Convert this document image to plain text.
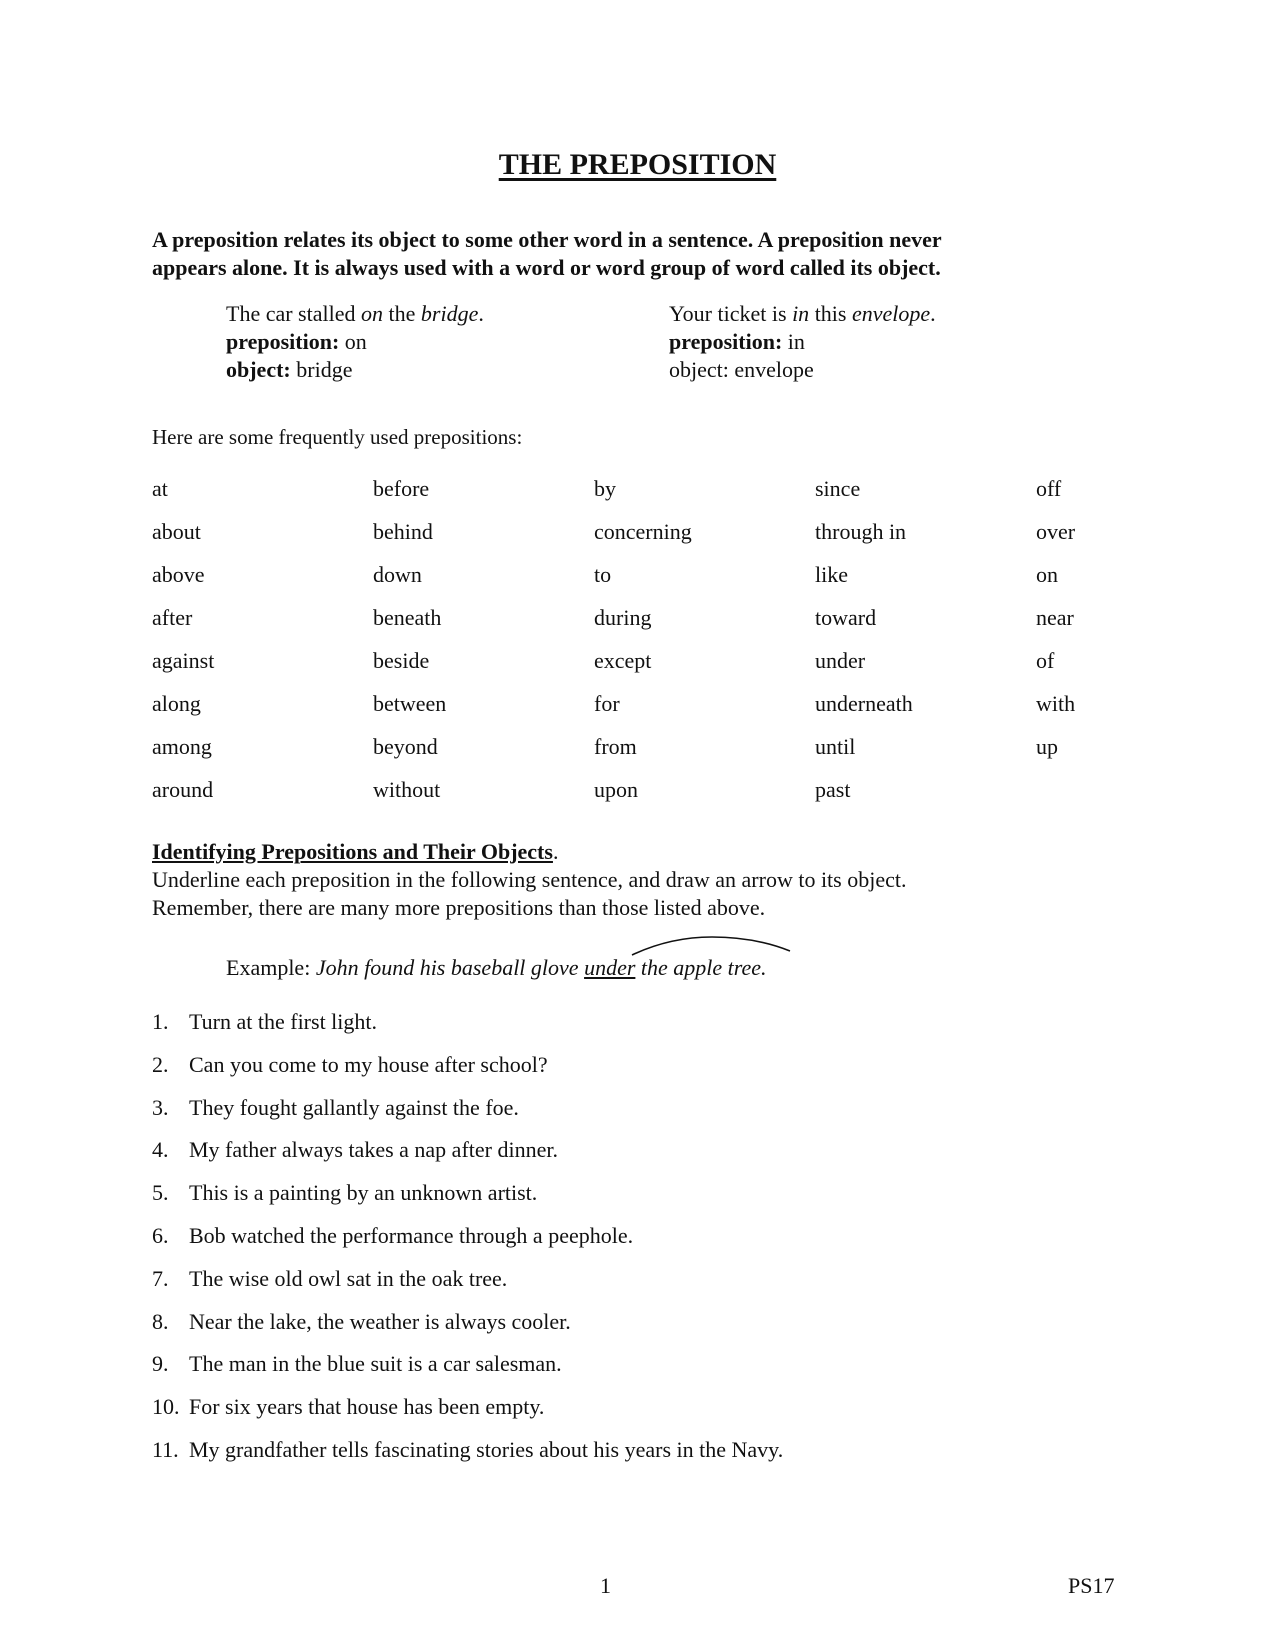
THE PREPOSITION
A preposition relates its object to some other word in a sentence. A preposition never
appears alone. It is always used with a word or word group of word called its object.
The car stalled on the bridge.
preposition: on
object: bridge
Your ticket is in this envelope.
preposition: in
object: envelope
Here are some frequently used prepositions:
at
about
above
after
against
along
among
around
before
behind
down
beneath
beside
between
beyond
without
by
concerning
to
during
except
for
from
upon
since
through in
like
toward
under
underneath
until
past
off
over
on
near
of
with
up
Identifying Prepositions and Their Objects.
Underline each preposition in the following sentence, and draw an arrow to its object.
Remember, there are many more prepositions than those listed above.
Example: John found his baseball glove under the apple tree.
1. Turn at the first light.
2. Can you come to my house after school?
3. They fought gallantly against the foe.
4. My father always takes a nap after dinner.
5. This is a painting by an unknown artist.
6. Bob watched the performance through a peephole.
7. The wise old owl sat in the oak tree.
8. Near the lake, the weather is always cooler.
9. The man in the blue suit is a car salesman.
10. For six years that house has been empty.
11. My grandfather tells fascinating stories about his years in the Navy.
1	PS17
